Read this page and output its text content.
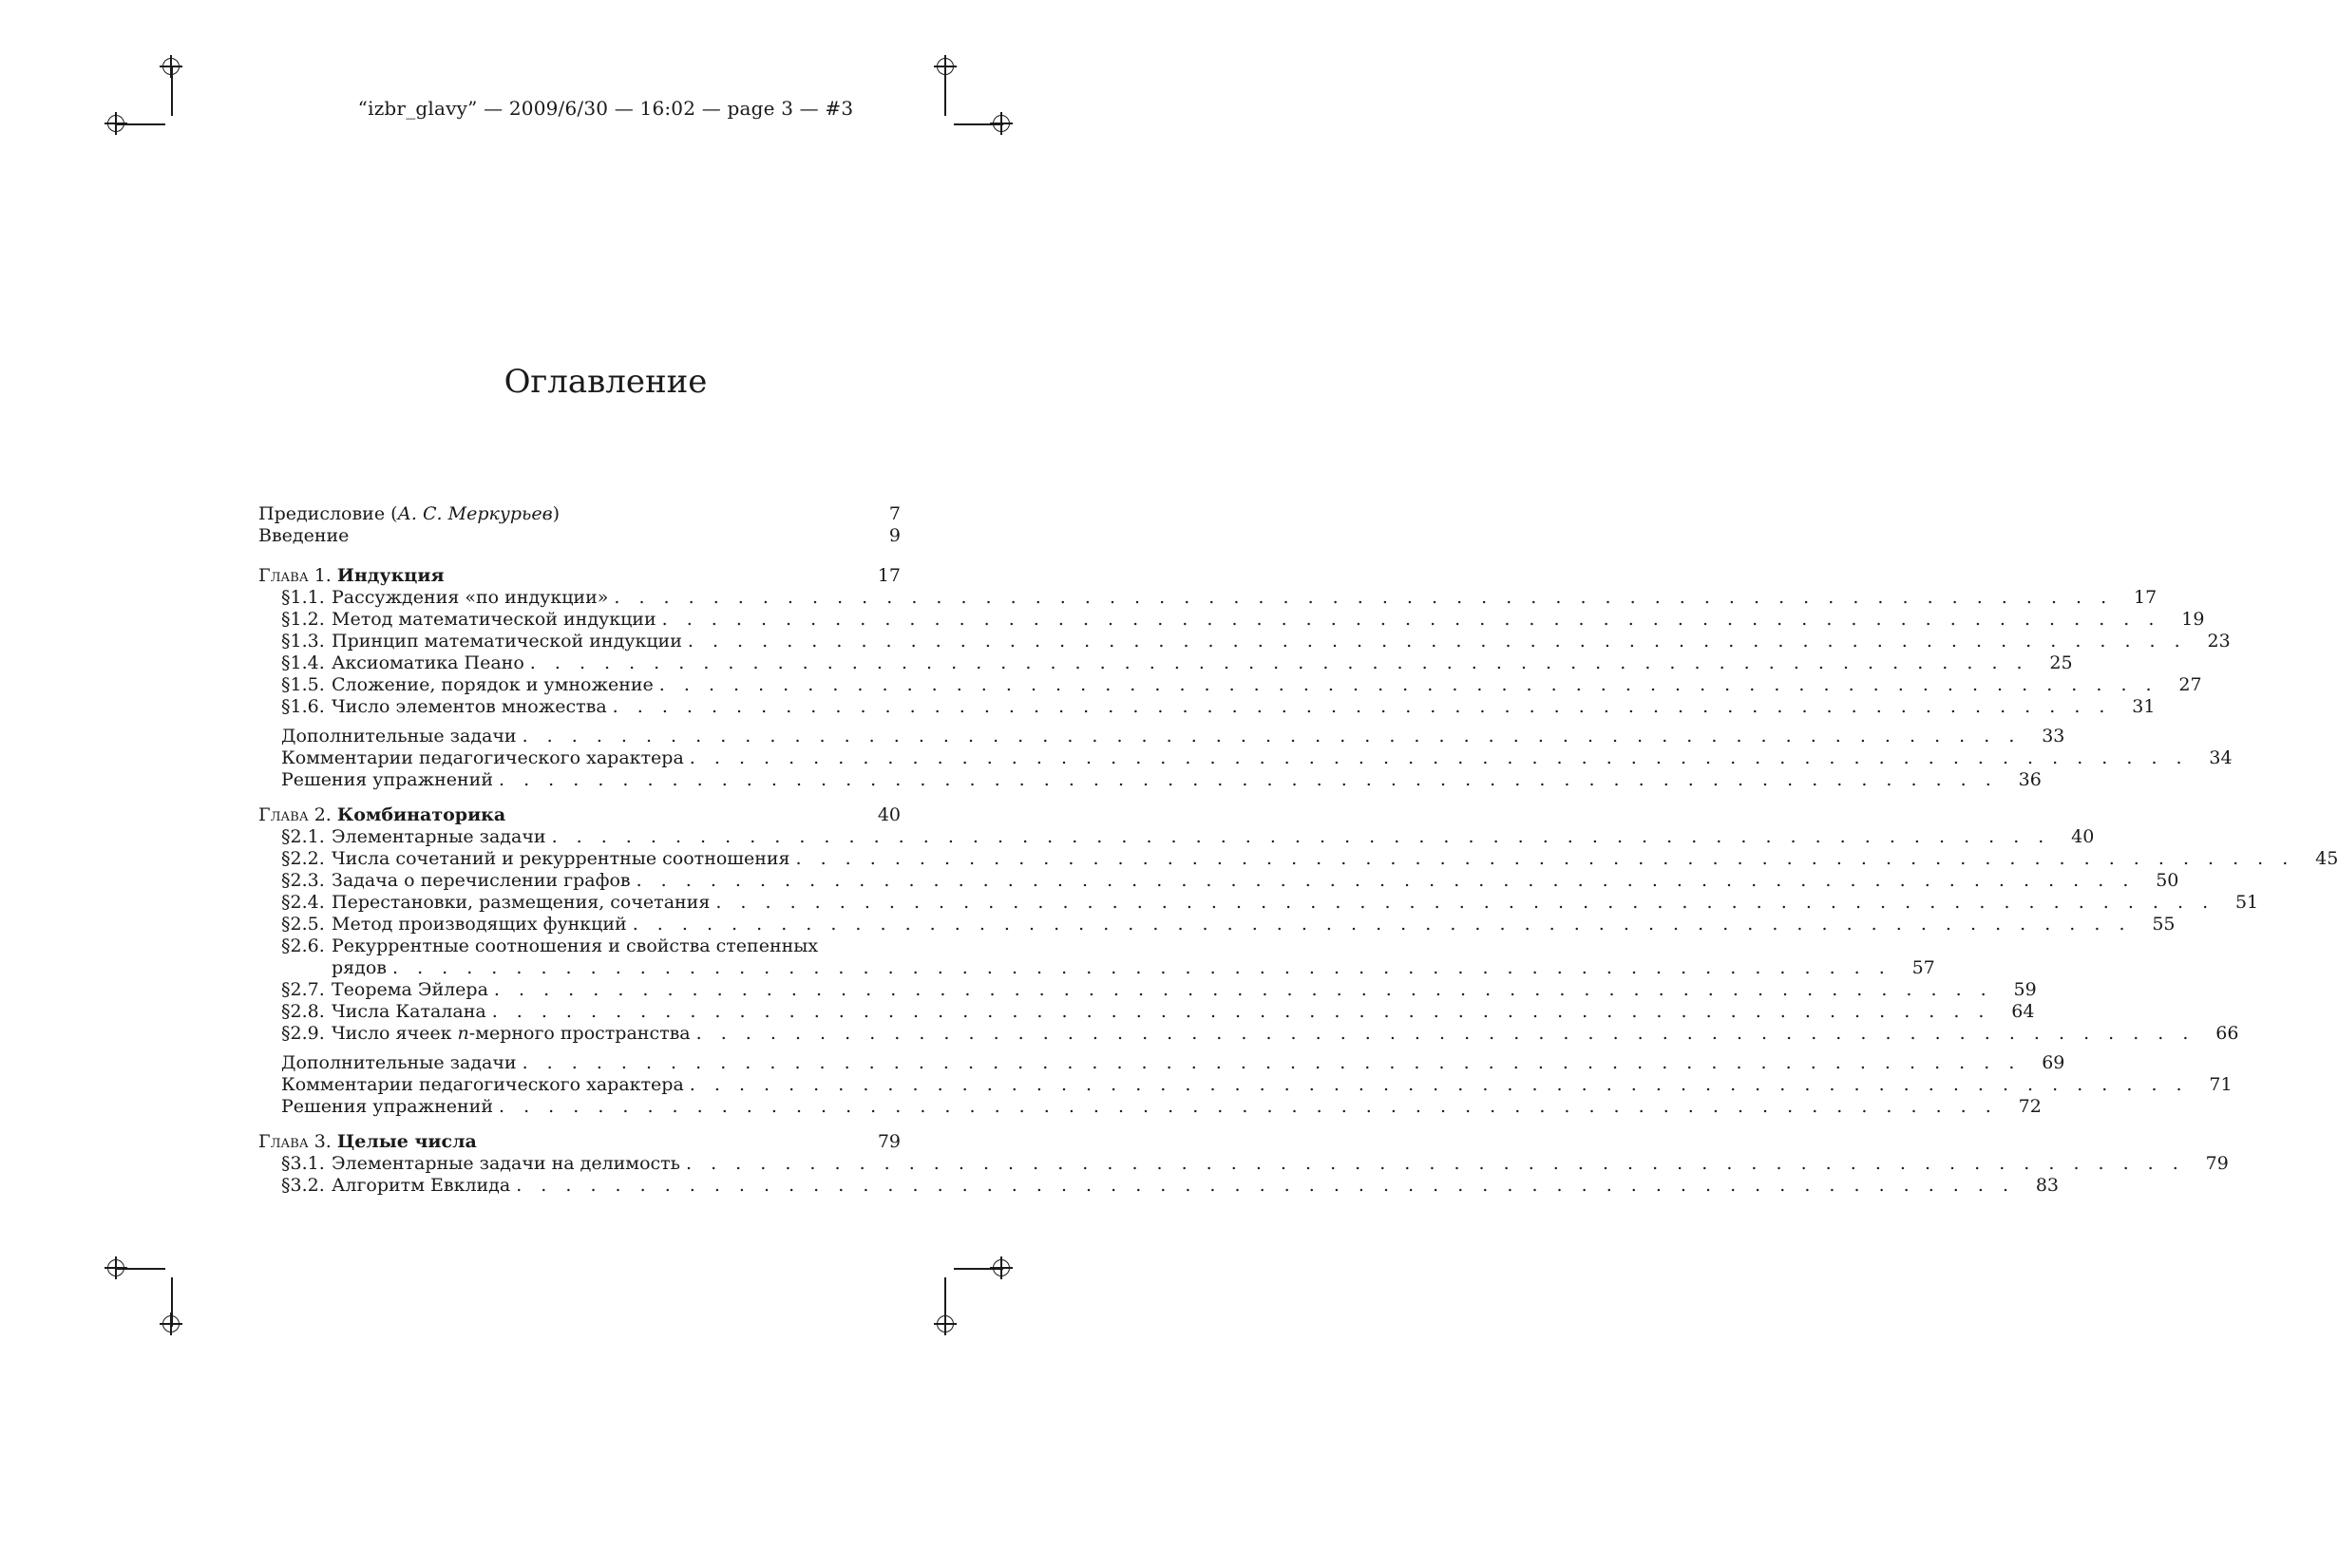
“izbr_glavy” — 2009/6/30 — 16:02 — page 3 — #3
Оглавление
Предисловие (А. С. Меркурьев)	7
Введение	9
Глава 1. Индукция	17
§1.1. Рассуждения «по индукции» . . . . . . . . . . . . . . . . . . . . . . . . . . . . . . . . . . . . . . . . . . . . . . . . . . . . . . . . . . . . .	17
§1.2. Метод математической индукции . . . . . . . . . . . . . . . . . . . . . . . . . . . . . . . . . . . . . . . . . . . . . . . . . . . . . . . . . . . . .	19
§1.3. Принцип математической индукции . . . . . . . . . . . . . . . . . . . . . . . . . . . . . . . . . . . . . . . . . . . . . . . . . . . . . . . . . . . . .	23
§1.4. Аксиоматика Пеано . . . . . . . . . . . . . . . . . . . . . . . . . . . . . . . . . . . . . . . . . . . . . . . . . . . . . . . . . . . . .	25
§1.5. Сложение, порядок и умножение . . . . . . . . . . . . . . . . . . . . . . . . . . . . . . . . . . . . . . . . . . . . . . . . . . . . . . . . . . . . .	27
§1.6. Число элементов множества . . . . . . . . . . . . . . . . . . . . . . . . . . . . . . . . . . . . . . . . . . . . . . . . . . . . . . . . . . . . .	31
Дополнительные задачи . . . . . . . . . . . . . . . . . . . . . . . . . . . . . . . . . . . . . . . . . . . . . . . . . . . . . . . . . . . . .	33
Комментарии педагогического характера . . . . . . . . . . . . . . . . . . . . . . . . . . . . . . . . . . . . . . . . . . . . . . . . . . . . . . . . . . . . .	34
Решения упражнений . . . . . . . . . . . . . . . . . . . . . . . . . . . . . . . . . . . . . . . . . . . . . . . . . . . . . . . . . . . . .	36
Глава 2. Комбинаторика	40
§2.1. Элементарные задачи . . . . . . . . . . . . . . . . . . . . . . . . . . . . . . . . . . . . . . . . . . . . . . . . . . . . . . . . . . . . .	40
§2.2. Числа сочетаний и рекуррентные соотношения . . . . . . . . . . . . . . . . . . . . . . . . . . . . . . . . . . . . . . . . . . . . . . . . . . . . . . . . . . . . .	45
§2.3. Задача о перечислении графов . . . . . . . . . . . . . . . . . . . . . . . . . . . . . . . . . . . . . . . . . . . . . . . . . . . . . . . . . . . . .	50
§2.4. Перестановки, размещения, сочетания . . . . . . . . . . . . . . . . . . . . . . . . . . . . . . . . . . . . . . . . . . . . . . . . . . . . . . . . . . . . .	51
§2.5. Метод производящих функций . . . . . . . . . . . . . . . . . . . . . . . . . . . . . . . . . . . . . . . . . . . . . . . . . . . . . . . . . . . . .	55
§2.6. Рекуррентные соотношения и свойства степенных
рядов . . . . . . . . . . . . . . . . . . . . . . . . . . . . . . . . . . . . . . . . . . . . . . . . . . . . . . . . . . . . .	57
§2.7. Теорема Эйлера . . . . . . . . . . . . . . . . . . . . . . . . . . . . . . . . . . . . . . . . . . . . . . . . . . . . . . . . . . . . .	59
§2.8. Числа Каталана . . . . . . . . . . . . . . . . . . . . . . . . . . . . . . . . . . . . . . . . . . . . . . . . . . . . . . . . . . . . .	64
§2.9. Число ячеек n-мерного пространства . . . . . . . . . . . . . . . . . . . . . . . . . . . . . . . . . . . . . . . . . . . . . . . . . . . . . . . . . . . . .	66
Дополнительные задачи . . . . . . . . . . . . . . . . . . . . . . . . . . . . . . . . . . . . . . . . . . . . . . . . . . . . . . . . . . . . .	69
Комментарии педагогического характера . . . . . . . . . . . . . . . . . . . . . . . . . . . . . . . . . . . . . . . . . . . . . . . . . . . . . . . . . . . . .	71
Решения упражнений . . . . . . . . . . . . . . . . . . . . . . . . . . . . . . . . . . . . . . . . . . . . . . . . . . . . . . . . . . . . .	72
Глава 3. Целые числа	79
§3.1. Элементарные задачи на делимость . . . . . . . . . . . . . . . . . . . . . . . . . . . . . . . . . . . . . . . . . . . . . . . . . . . . . . . . . . . . .	79
§3.2. Алгоритм Евклида . . . . . . . . . . . . . . . . . . . . . . . . . . . . . . . . . . . . . . . . . . . . . . . . . . . . . . . . . . . . .	83
